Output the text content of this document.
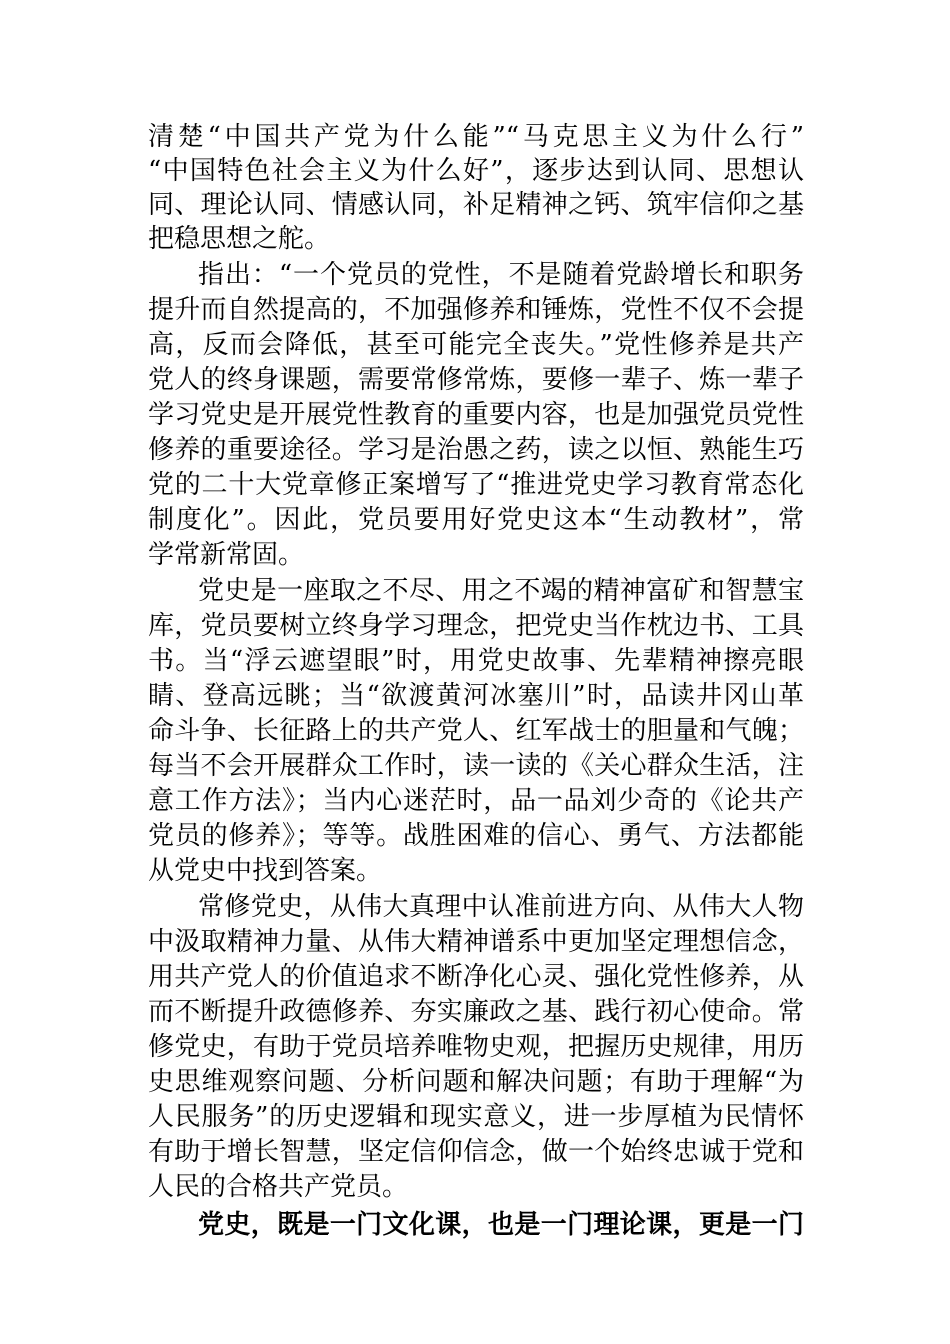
清楚“中国共产党为什么能”“马克思主义为什么行”
“中国特色社会主义为什么好”，逐步达到认同、思想认
同、理论认同、情感认同，补足精神之钙、筑牢信仰之基
把稳思想之舵。
指出：“一个党员的党性，不是随着党龄增长和职务
提升而自然提高的，不加强修养和锤炼，党性不仅不会提
高，反而会降低，甚至可能完全丧失。”党性修养是共产
党人的终身课题，需要常修常炼，要修一辈子、炼一辈子
学习党史是开展党性教育的重要内容，也是加强党员党性
修养的重要途径。学习是治愚之药，读之以恒、熟能生巧
党的二十大党章修正案增写了“推进党史学习教育常态化
制度化”。因此，党员要用好党史这本“生动教材”，常
学常新常固。
党史是一座取之不尽、用之不竭的精神富矿和智慧宝
库，党员要树立终身学习理念，把党史当作枕边书、工具
书。当“浮云遮望眼”时，用党史故事、先辈精神擦亮眼
睛、登高远眺；当“欲渡黄河冰塞川”时，品读井冈山革
命斗争、长征路上的共产党人、红军战士的胆量和气魄；
每当不会开展群众工作时，读一读的《关心群众生活，注
意工作方法》；当内心迷茫时，品一品刘少奇的《论共产
党员的修养》；等等。战胜困难的信心、勇气、方法都能
从党史中找到答案。
常修党史，从伟大真理中认准前进方向、从伟大人物
中汲取精神力量、从伟大精神谱系中更加坚定理想信念，
用共产党人的价值追求不断净化心灵、强化党性修养，从
而不断提升政德修养、夯实廉政之基、践行初心使命。常
修党史，有助于党员培养唯物史观，把握历史规律，用历
史思维观察问题、分析问题和解决问题；有助于理解“为
人民服务”的历史逻辑和现实意义，进一步厚植为民情怀
有助于增长智慧，坚定信仰信念，做一个始终忠诚于党和
人民的合格共产党员。
党史，既是一门文化课，也是一门理论课，更是一门
